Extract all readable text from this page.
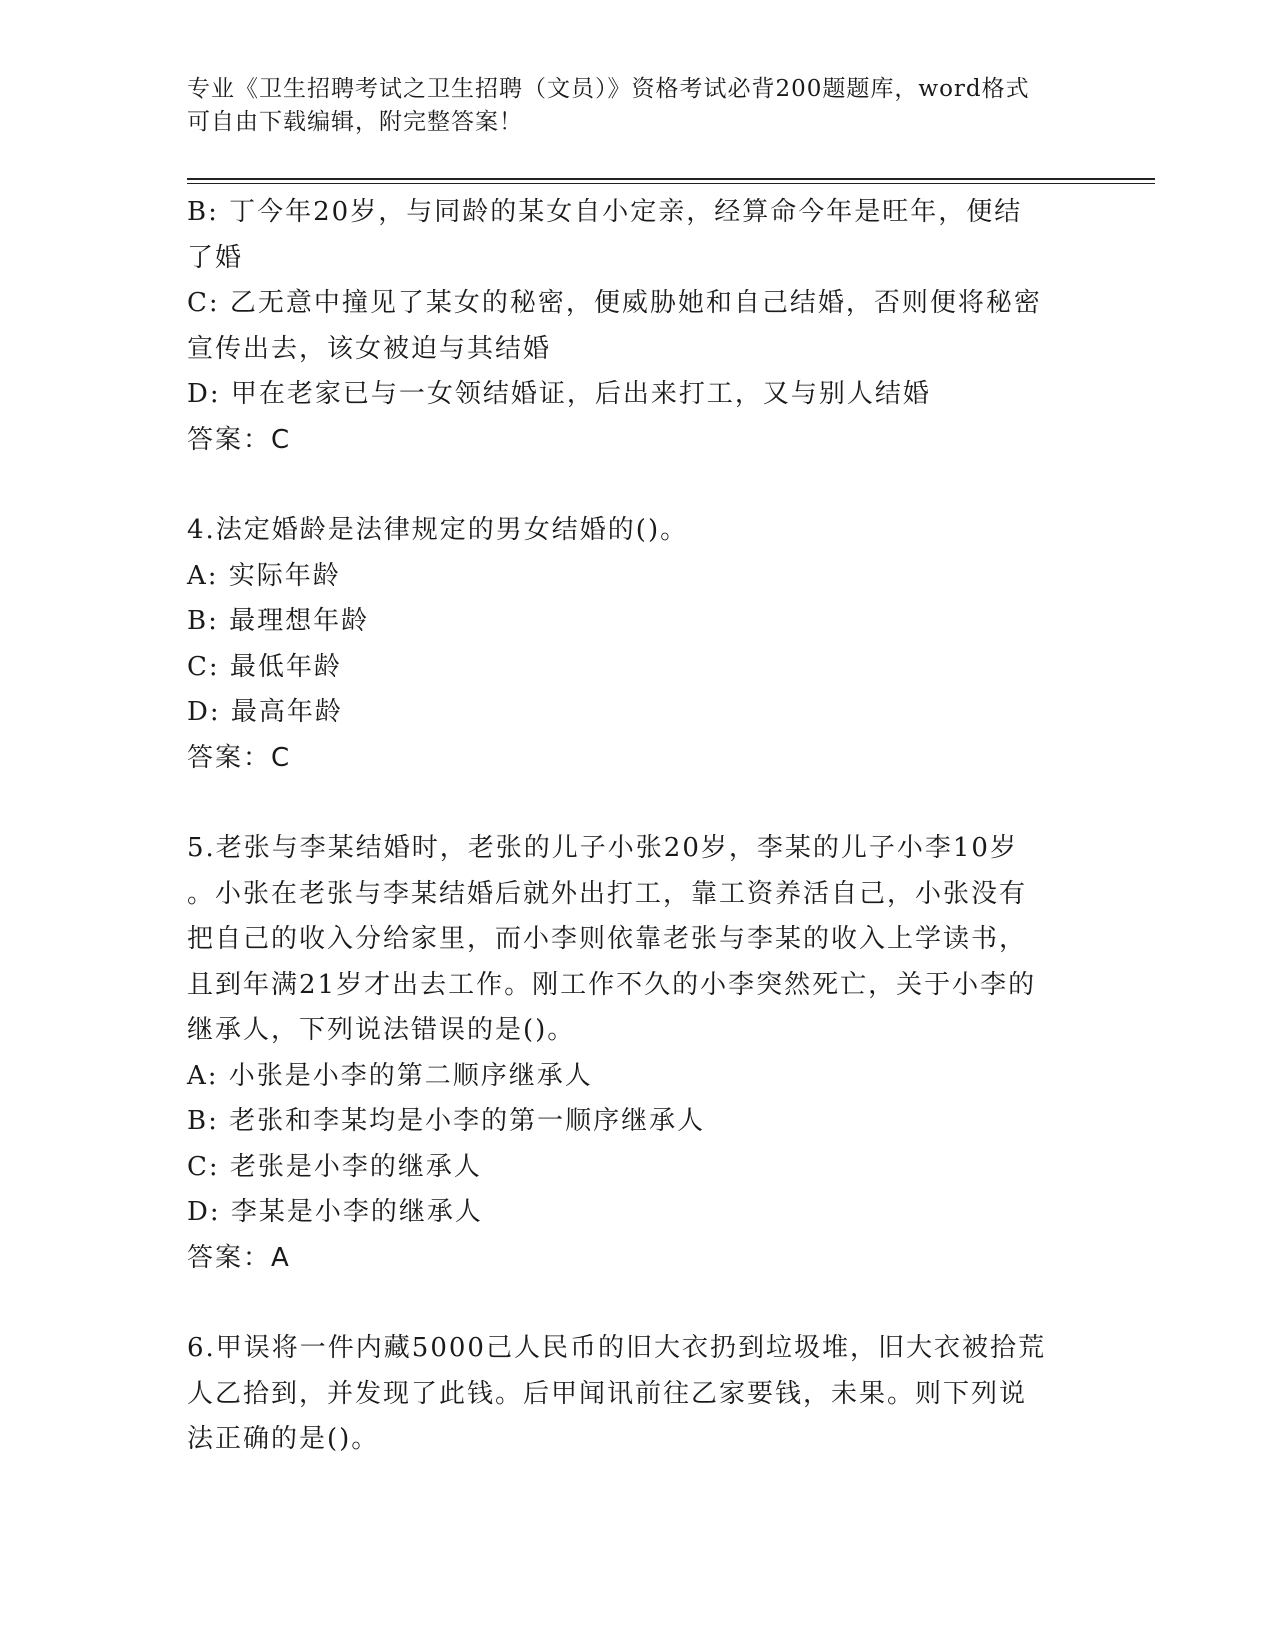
专业《卫生招聘考试之卫生招聘（文员）》资格考试必背200题题库，word格式
可自由下载编辑，附完整答案！

B: 丁今年20岁，与同龄的某女自小定亲，经算命今年是旺年，便结

了婚

C: 乙无意中撞见了某女的秘密，便威胁她和自己结婚，否则便将秘密

宣传出去，该女被迫与其结婚

D: 甲在老家已与一女领结婚证，后出来打工，又与别人结婚

答案：C

4.法定婚龄是法律规定的男女结婚的()。

A: 实际年龄

B: 最理想年龄

C: 最低年龄

D: 最高年龄

答案：C

5.老张与李某结婚时，老张的儿子小张20岁，李某的儿子小李10岁

。小张在老张与李某结婚后就外出打工，靠工资养活自己，小张没有

把自己的收入分给家里，而小李则依靠老张与李某的收入上学读书，

且到年满21岁才出去工作。刚工作不久的小李突然死亡，关于小李的

继承人，下列说法错误的是()。

A: 小张是小李的第二顺序继承人

B: 老张和李某均是小李的第一顺序继承人

C: 老张是小李的继承人

D: 李某是小李的继承人

答案：A

6.甲误将一件内藏5000己人民币的旧大衣扔到垃圾堆，旧大衣被拾荒

人乙拾到，并发现了此钱。后甲闻讯前往乙家要钱，未果。则下列说

法正确的是()。
